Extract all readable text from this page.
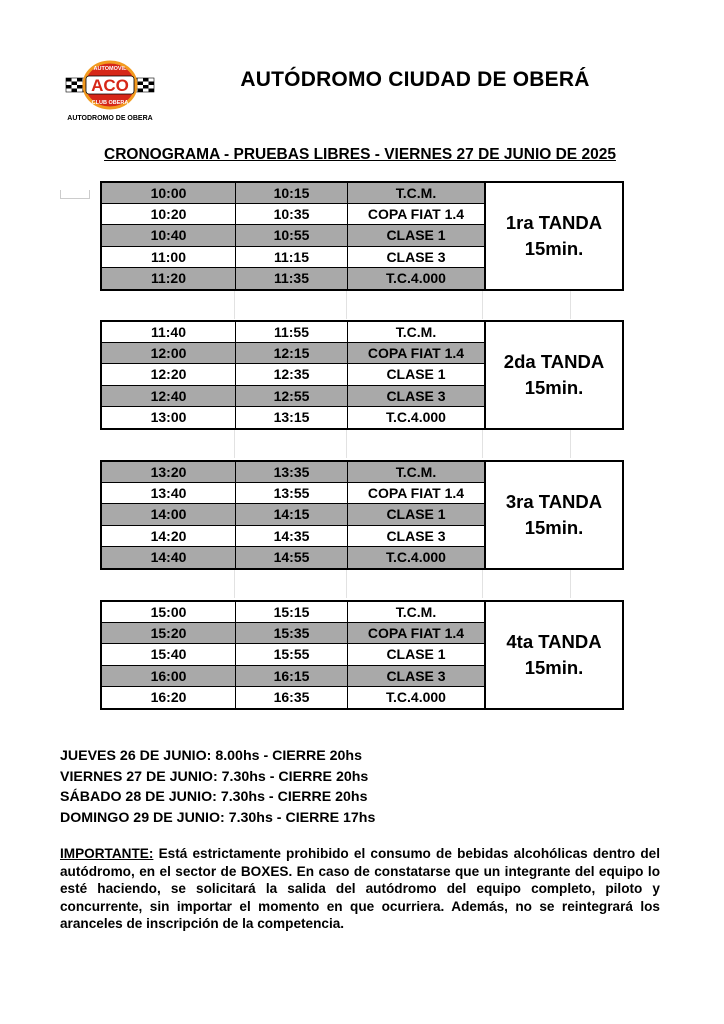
ACO
AUTOMOVIL
CLUB OBERA
AUTODROMO DE OBERA
AUTÓDROMO CIUDAD DE OBERÁ
CRONOGRAMA - PRUEBAS LIBRES - VIERNES 27 DE JUNIO DE 2025
10:00	10:15	T.C.M.
10:20	10:35	COPA FIAT 1.4
10:40	10:55	CLASE 1
11:00	11:15	CLASE 3
11:20	11:35	T.C.4.000
1ra TANDA
15min.
11:40	11:55	T.C.M.
12:00	12:15	COPA FIAT 1.4
12:20	12:35	CLASE 1
12:40	12:55	CLASE 3
13:00	13:15	T.C.4.000
2da TANDA
15min.
13:20	13:35	T.C.M.
13:40	13:55	COPA FIAT 1.4
14:00	14:15	CLASE 1
14:20	14:35	CLASE 3
14:40	14:55	T.C.4.000
3ra TANDA
15min.
15:00	15:15	T.C.M.
15:20	15:35	COPA FIAT 1.4
15:40	15:55	CLASE 1
16:00	16:15	CLASE 3
16:20	16:35	T.C.4.000
4ta TANDA
15min.
JUEVES 26 DE JUNIO: 8.00hs - CIERRE 20hs
VIERNES 27 DE JUNIO: 7.30hs - CIERRE 20hs
SÁBADO 28 DE JUNIO: 7.30hs - CIERRE 20hs
DOMINGO 29 DE JUNIO: 7.30hs - CIERRE 17hs
IMPORTANTE: Está estrictamente prohibido el consumo de bebidas alcohólicas dentro del autódromo, en el sector de BOXES. En caso de constatarse que un integrante del equipo lo esté haciendo, se solicitará la salida del autódromo del equipo completo, piloto y concurrente, sin importar el momento en que ocurriera. Además, no se reintegrará los aranceles de inscripción de la competencia.
